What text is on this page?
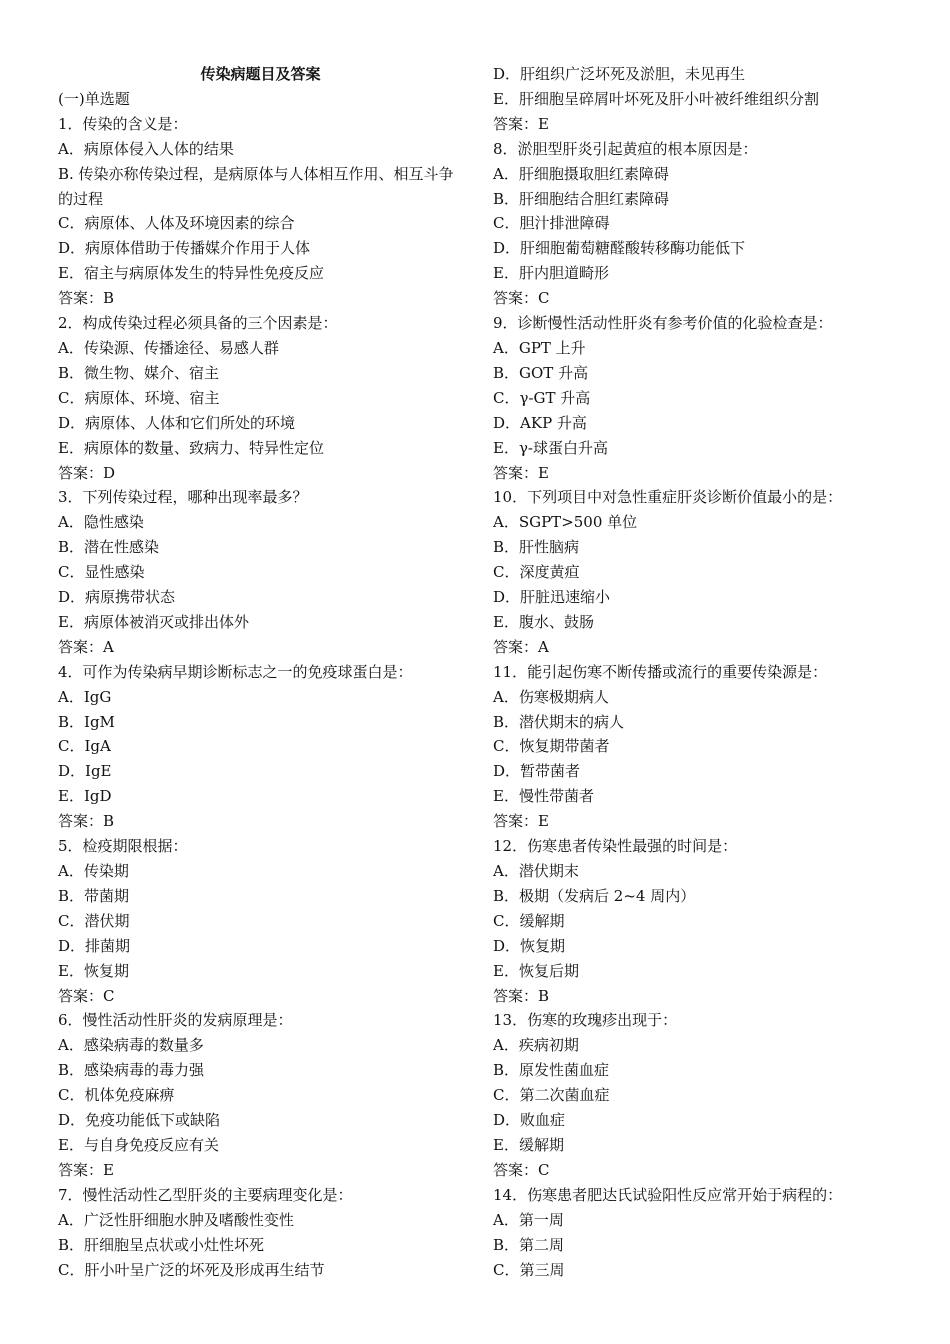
传染病题目及答案
(一)单选题
1．传染的含义是：
A．病原体侵入人体的结果
B. 传染亦称传染过程，是病原体与人体相互作用、相互斗争的过程
C．病原体、人体及环境因素的综合
D．病原体借助于传播媒介作用于人体
E．宿主与病原体发生的特异性免疫反应
答案：B
2．构成传染过程必须具备的三个因素是：
A．传染源、传播途径、易感人群
B．微生物、媒介、宿主
C．病原体、环境、宿主
D．病原体、人体和它们所处的环境
E．病原体的数量、致病力、特异性定位
答案：D
3．下列传染过程，哪种出现率最多？
A．隐性感染
B．潜在性感染
C．显性感染
D．病原携带状态
E．病原体被消灭或排出体外
答案：A
4．可作为传染病早期诊断标志之一的免疫球蛋白是：
A．IgG
B．IgM
C．IgA
D．IgE
E．IgD
答案：B
5．检疫期限根据：
A．传染期
B．带菌期
C．潜伏期
D．排菌期
E．恢复期
答案：C
6．慢性活动性肝炎的发病原理是：
A．感染病毒的数量多
B．感染病毒的毒力强
C．机体免疫麻痹
D．免疫功能低下或缺陷
E．与自身免疫反应有关
答案：E
7．慢性活动性乙型肝炎的主要病理变化是：
A．广泛性肝细胞水肿及嗜酸性变性
B．肝细胞呈点状或小灶性坏死
C．肝小叶呈广泛的坏死及形成再生结节
D．肝组织广泛坏死及淤胆，未见再生
E．肝细胞呈碎屑叶坏死及肝小叶被纤维组织分割
答案：E
8．淤胆型肝炎引起黄疸的根本原因是：
A．肝细胞摄取胆红素障碍
B．肝细胞结合胆红素障碍
C．胆汁排泄障碍
D．肝细胞葡萄糖醛酸转移酶功能低下
E．肝内胆道畸形
答案：C
9．诊断慢性活动性肝炎有参考价值的化验检查是：
A．GPT 上升
B．GOT 升高
C．γ-GT 升高
D．AKP 升高
E．γ-球蛋白升高
答案：E
10．下列项目中对急性重症肝炎诊断价值最小的是：
A．SGPT>500 单位
B．肝性脑病
C．深度黄疸
D．肝脏迅速缩小
E．腹水、鼓肠
答案：A
11．能引起伤寒不断传播或流行的重要传染源是：
A．伤寒极期病人
B．潜伏期末的病人
C．恢复期带菌者
D．暂带菌者
E．慢性带菌者
答案：E
12．伤寒患者传染性最强的时间是：
A．潜伏期末
B．极期（发病后 2~4 周内）
C．缓解期
D．恢复期
E．恢复后期
答案：B
13．伤寒的玫瑰疹出现于：
A．疾病初期
B．原发性菌血症
C．第二次菌血症
D．败血症
E．缓解期
答案：C
14．伤寒患者肥达氏试验阳性反应常开始于病程的：
A．第一周
B．第二周
C．第三周
